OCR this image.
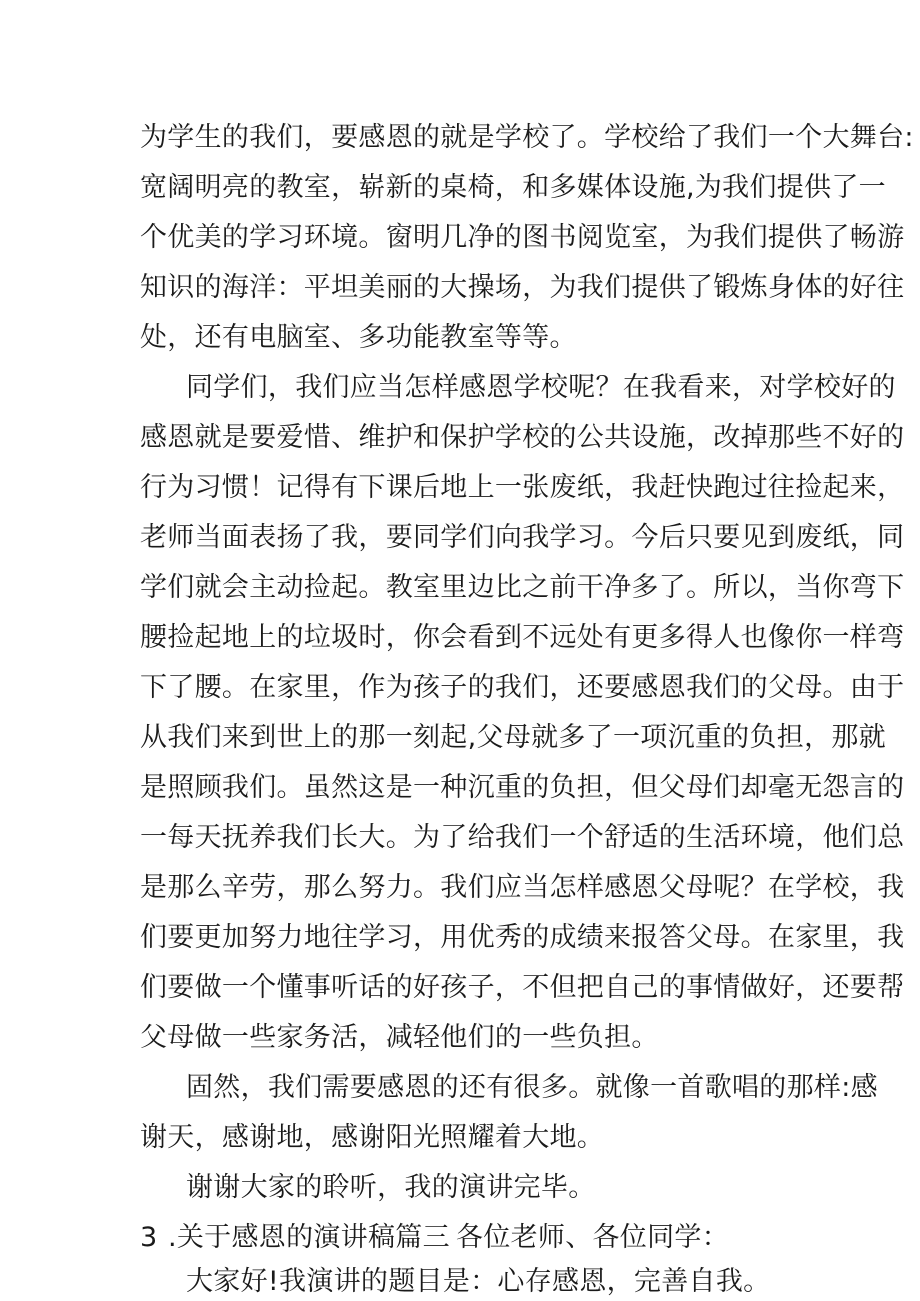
为学生的我们，要感恩的就是学校了。学校给了我们一个大舞台:
宽阔明亮的教室，崭新的桌椅，和多媒体设施,为我们提供了一
个优美的学习环境。窗明几净的图书阅览室，为我们提供了畅游
知识的海洋：平坦美丽的大操场，为我们提供了锻炼身体的好往
处，还有电脑室、多功能教室等等。
同学们，我们应当怎样感恩学校呢？在我看来，对学校好的
感恩就是要爱惜、维护和保护学校的公共设施，改掉那些不好的
行为习惯！记得有下课后地上一张废纸，我赶快跑过往捡起来，
老师当面表扬了我，要同学们向我学习。今后只要见到废纸，同
学们就会主动捡起。教室里边比之前干净多了。所以，当你弯下
腰捡起地上的垃圾时，你会看到不远处有更多得人也像你一样弯
下了腰。在家里，作为孩子的我们，还要感恩我们的父母。由于
从我们来到世上的那一刻起,父母就多了一项沉重的负担，那就
是照顾我们。虽然这是一种沉重的负担，但父母们却毫无怨言的
一每天抚养我们长大。为了给我们一个舒适的生活环境，他们总
是那么辛劳，那么努力。我们应当怎样感恩父母呢？在学校，我
们要更加努力地往学习，用优秀的成绩来报答父母。在家里，我
们要做一个懂事听话的好孩子，不但把自己的事情做好，还要帮
父母做一些家务活，减轻他们的一些负担。
固然，我们需要感恩的还有很多。就像一首歌唱的那样:感
谢天，感谢地，感谢阳光照耀着大地。
谢谢大家的聆听，我的演讲完毕。
3 .关于感恩的演讲稿篇三 各位老师、各位同学：
大家好!我演讲的题目是：心存感恩，完善自我。
